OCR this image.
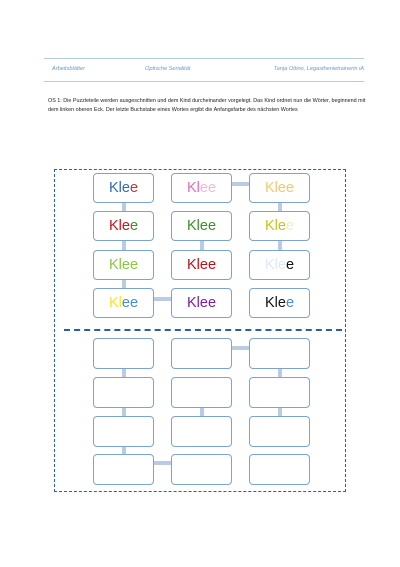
Arbeitsblätter	Optische Serialität	Tanja Ottino, Legasthenietrainerin iA
OS 1: Die Puzzleteile werden ausgeschnitten und dem Kind durcheinander vorgelegt. Das Kind ordnet nun die Wörter, beginnend mit dem linken oberen Eck. Der letzte Buchstabe eines Wortes ergibt die Anfangsfarbe des nächsten Wortes
Klee	Klee	Klee
Klee	Klee	Klee
Klee	Klee	Klee
Klee	Klee	Klee
